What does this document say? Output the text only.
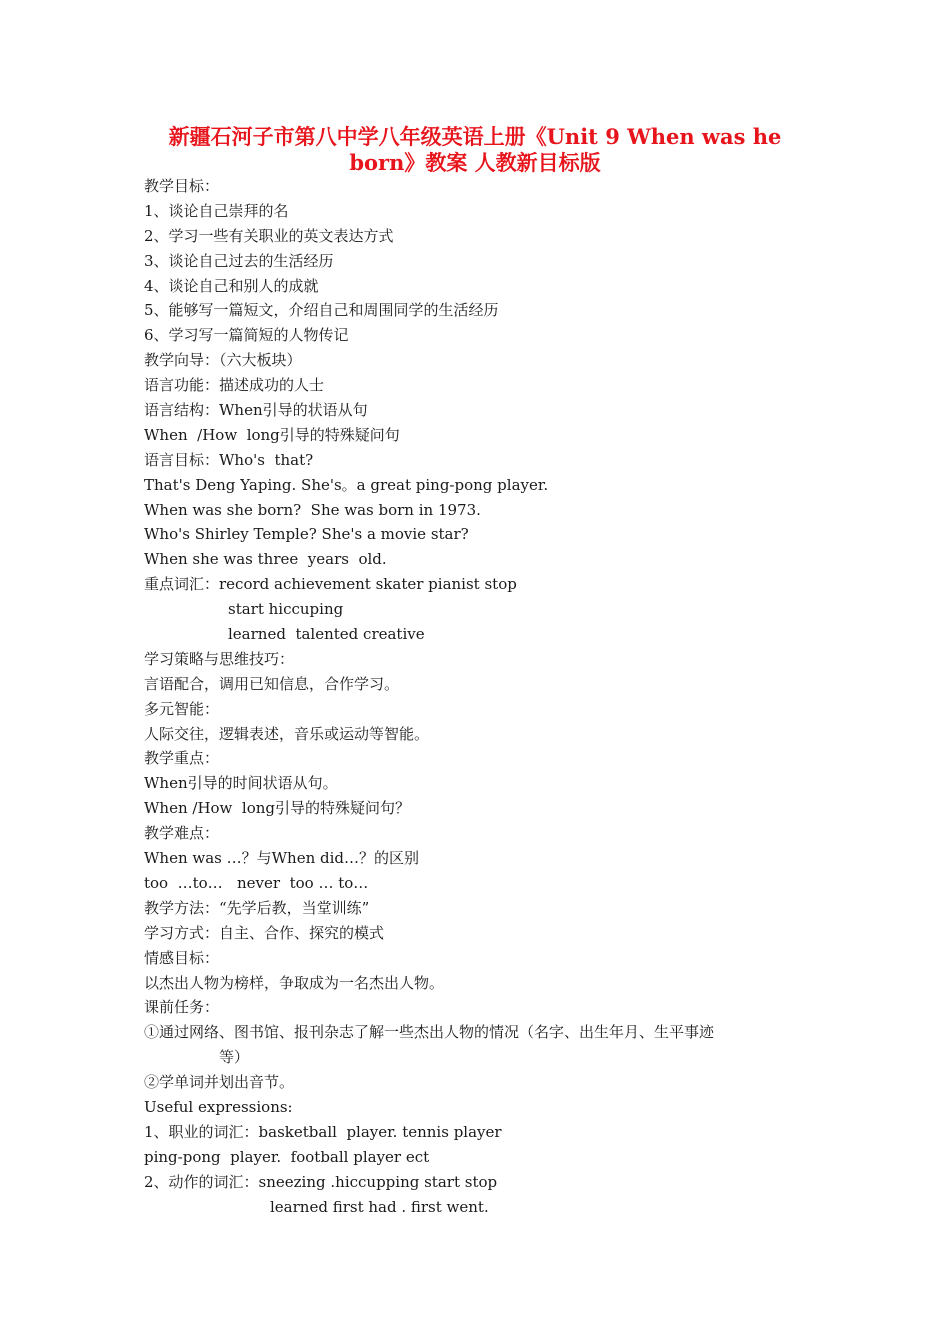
新疆石河子市第八中学八年级英语上册《Unit 9 When was he
born》教案 人教新目标版
教学目标：
1、谈论自己崇拜的名
2、学习一些有关职业的英文表达方式
3、谈论自己过去的生活经历
4、谈论自己和别人的成就
5、能够写一篇短文，介绍自己和周围同学的生活经历
6、学习写一篇简短的人物传记
教学向导：（六大板块）
语言功能：描述成功的人士
语言结构：When引导的状语从句
When  /How  long引导的特殊疑问句
语言目标：Who's  that?
That's Deng Yaping. She's。a great ping-pong player.
When was she born?  She was born in 1973.
Who's Shirley Temple? She's a movie star?
When she was three  years  old.
重点词汇：record achievement skater pianist stop
start hiccuping
learned  talented creative
学习策略与思维技巧：
言语配合，调用已知信息，合作学习。
多元智能：
人际交往，逻辑表述，音乐或运动等智能。
教学重点：
When引导的时间状语从句。
When /How  long引导的特殊疑问句？
教学难点：
When was …？与When did…？的区别
too  …to…   never  too … to…
教学方法：“先学后教，当堂训练”
学习方式：自主、合作、探究的模式
情感目标：
以杰出人物为榜样，争取成为一名杰出人物。
课前任务：
①通过网络、图书馆、报刊杂志了解一些杰出人物的情况（名字、出生年月、生平事迹
等）
②学单词并划出音节。
Useful expressions:
1、职业的词汇：basketball  player. tennis player
ping-pong  player.  football player ect
2、动作的词汇：sneezing .hiccupping start stop
learned first had . first went.
